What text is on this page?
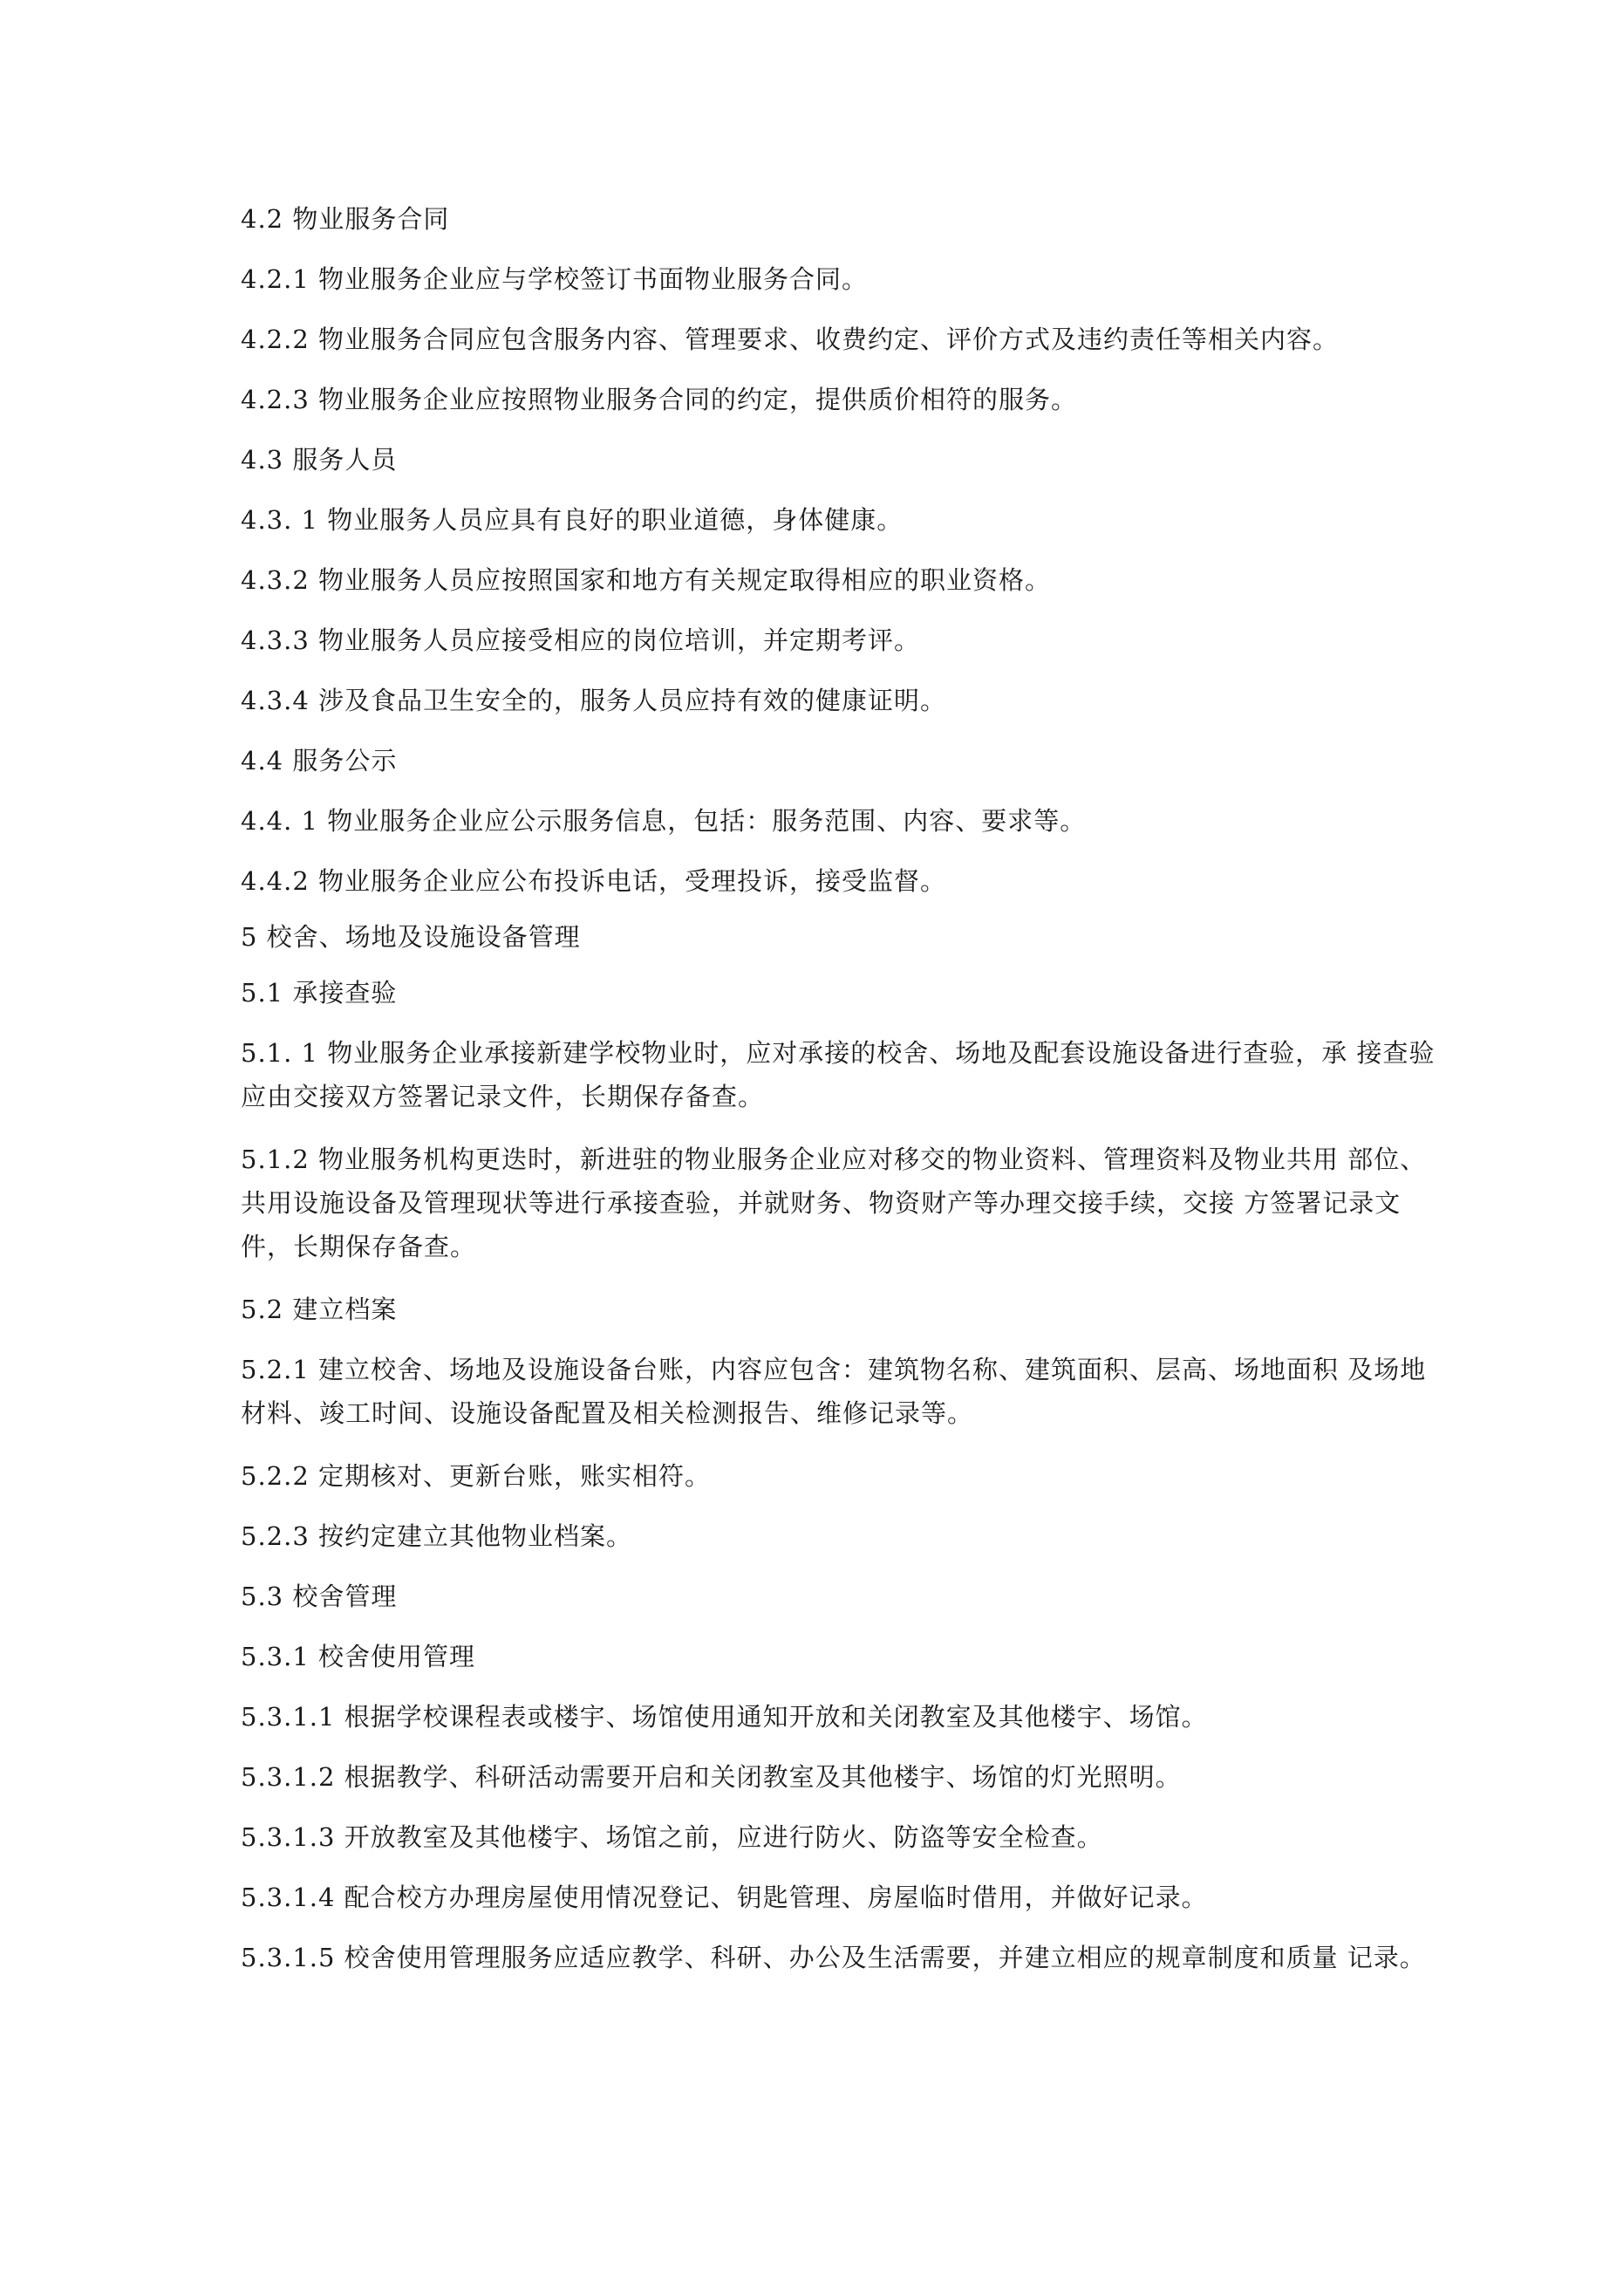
4.2 物业服务合同

4.2.1 物业服务企业应与学校签订书面物业服务合同。

4.2.2 物业服务合同应包含服务内容、管理要求、收费约定、评价方式及违约责任等相关内容。

4.2.3 物业服务企业应按照物业服务合同的约定，提供质价相符的服务。

4.3 服务人员

4.3. 1 物业服务人员应具有良好的职业道德，身体健康。

4.3.2 物业服务人员应按照国家和地方有关规定取得相应的职业资格。

4.3.3 物业服务人员应接受相应的岗位培训，并定期考评。

4.3.4 涉及食品卫生安全的，服务人员应持有效的健康证明。

4.4 服务公示

4.4. 1 物业服务企业应公示服务信息，包括：服务范围、内容、要求等。

4.4.2 物业服务企业应公布投诉电话，受理投诉，接受监督。

5 校舍、场地及设施设备管理

5.1 承接查验

5.1. 1 物业服务企业承接新建学校物业时，应对承接的校舍、场地及配套设施设备进行查验，承 接查验应由交接双方签署记录文件，长期保存备查。

5.1.2 物业服务机构更迭时，新进驻的物业服务企业应对移交的物业资料、管理资料及物业共用 部位、共用设施设备及管理现状等进行承接查验，并就财务、物资财产等办理交接手续，交接 方签署记录文件，长期保存备查。

5.2 建立档案

5.2.1 建立校舍、场地及设施设备台账，内容应包含：建筑物名称、建筑面积、层高、场地面积 及场地材料、竣工时间、设施设备配置及相关检测报告、维修记录等。

5.2.2 定期核对、更新台账，账实相符。

5.2.3 按约定建立其他物业档案。

5.3 校舍管理

5.3.1 校舍使用管理

5.3.1.1 根据学校课程表或楼宇、场馆使用通知开放和关闭教室及其他楼宇、场馆。

5.3.1.2 根据教学、科研活动需要开启和关闭教室及其他楼宇、场馆的灯光照明。

5.3.1.3 开放教室及其他楼宇、场馆之前，应进行防火、防盗等安全检查。

5.3.1.4 配合校方办理房屋使用情况登记、钥匙管理、房屋临时借用，并做好记录。

5.3.1.5 校舍使用管理服务应适应教学、科研、办公及生活需要，并建立相应的规章制度和质量 记录。
